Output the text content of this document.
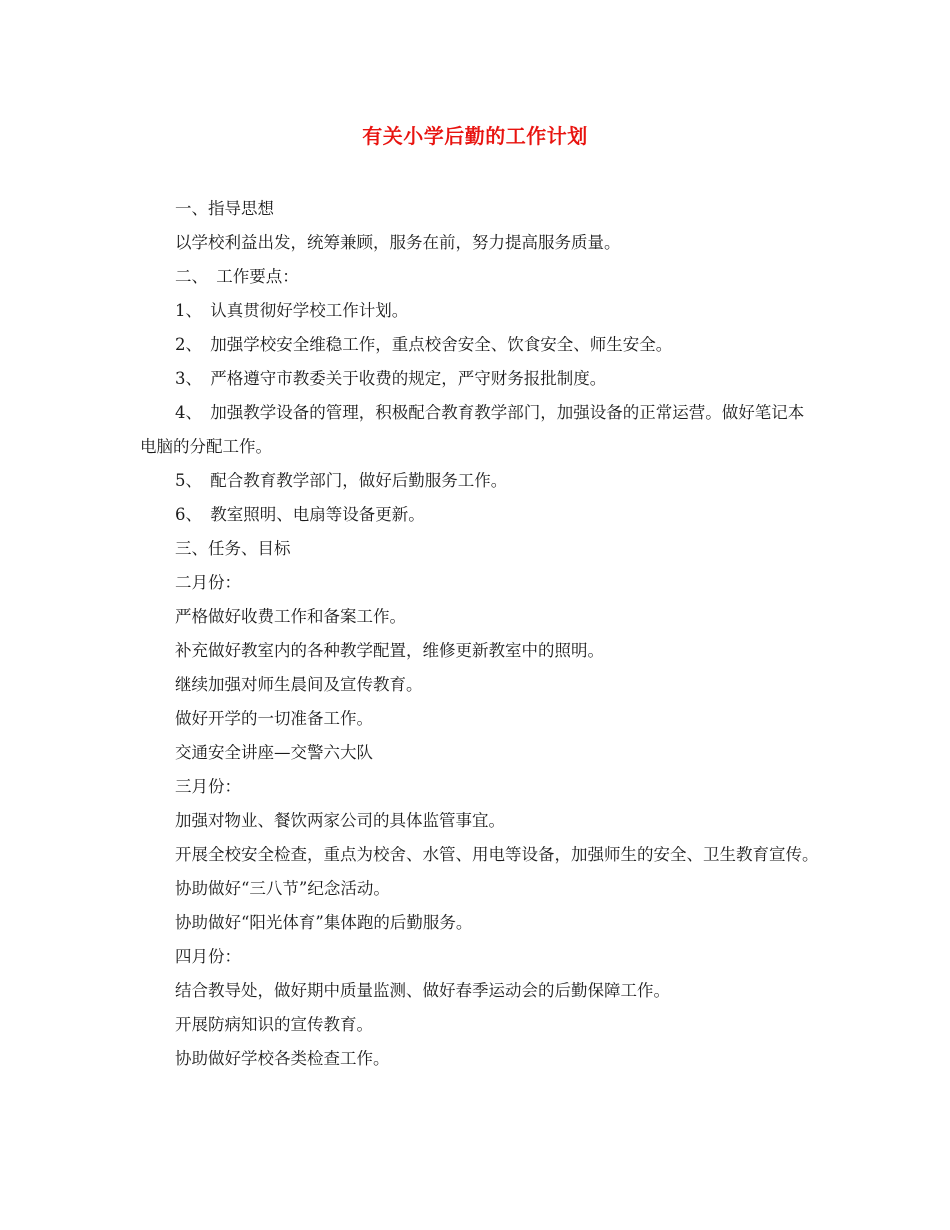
有关小学后勤的工作计划

一、指导思想

以学校利益出发，统筹兼顾，服务在前，努力提高服务质量。

二、　工作要点：

1、　认真贯彻好学校工作计划。

2、　加强学校安全维稳工作，重点校舍安全、饮食安全、师生安全。

3、　严格遵守市教委关于收费的规定，严守财务报批制度。

4、　加强教学设备的管理，积极配合教育教学部门，加强设备的正常运营。做好笔记本电脑的分配工作。

5、　配合教育教学部门，做好后勤服务工作。

6、　教室照明、电扇等设备更新。

三、任务、目标

二月份：

严格做好收费工作和备案工作。

补充做好教室内的各种教学配置，维修更新教室中的照明。

继续加强对师生晨间及宣传教育。

做好开学的一切准备工作。

交通安全讲座—交警六大队

三月份：

加强对物业、餐饮两家公司的具体监管事宜。

开展全校安全检查，重点为校舍、水管、用电等设备，加强师生的安全、卫生教育宣传。

协助做好“三八节”纪念活动。

协助做好“阳光体育”集体跑的后勤服务。

四月份：

结合教导处，做好期中质量监测、做好春季运动会的后勤保障工作。

开展防病知识的宣传教育。

协助做好学校各类检查工作。
